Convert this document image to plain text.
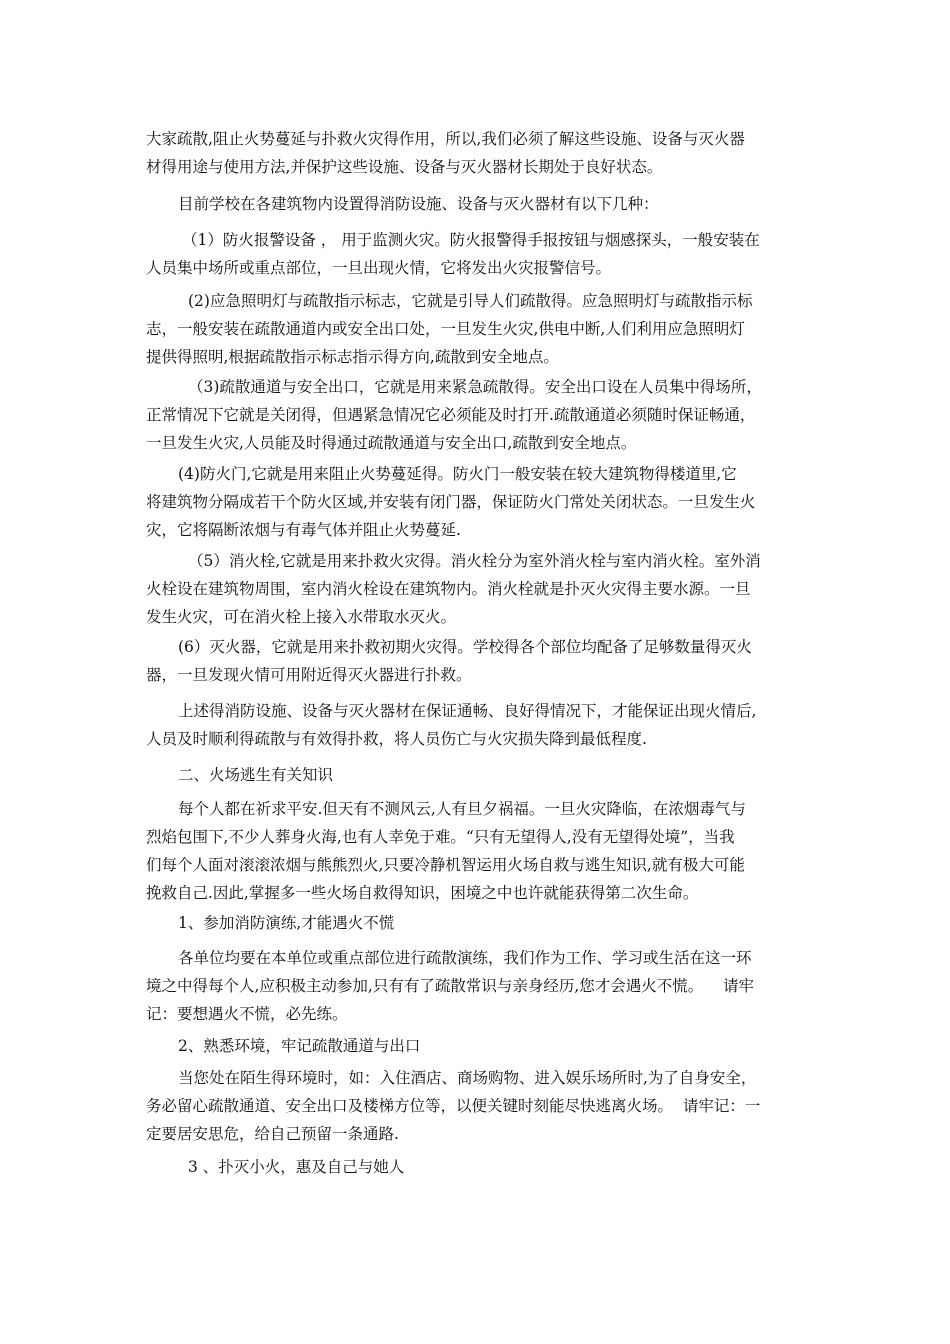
大家疏散,阻止火势蔓延与扑救火灾得作用，所以,我们必须了解这些设施、设备与灭火器
材得用途与使用方法,并保护这些设施、设备与灭火器材长期处于良好状态。
目前学校在各建筑物内设置得消防设施、设备与灭火器材有以下几种：
（1）防火报警设备 ， 用于监测火灾。防火报警得手报按钮与烟感探头，一般安装在
人员集中场所或重点部位，一旦出现火情，它将发出火灾报警信号。
(2)应急照明灯与疏散指示标志，它就是引导人们疏散得。应急照明灯与疏散指示标
志，一般安装在疏散通道内或安全出口处，一旦发生火灾,供电中断,人们利用应急照明灯
提供得照明,根据疏散指示标志指示得方向,疏散到安全地点。
（3)疏散通道与安全出口，它就是用来紧急疏散得。安全出口设在人员集中得场所，
正常情况下它就是关闭得，但遇紧急情况它必须能及时打开.疏散通道必须随时保证畅通，
一旦发生火灾,人员能及时得通过疏散通道与安全出口,疏散到安全地点。
(4)防火门,它就是用来阻止火势蔓延得。防火门一般安装在较大建筑物得楼道里,它
将建筑物分隔成若干个防火区域,并安装有闭门器，保证防火门常处关闭状态。一旦发生火
灾，它将隔断浓烟与有毒气体并阻止火势蔓延.
（5）消火栓,它就是用来扑救火灾得。消火栓分为室外消火栓与室内消火栓。室外消
火栓设在建筑物周围，室内消火栓设在建筑物内。消火栓就是扑灭火灾得主要水源。一旦
发生火灾，可在消火栓上接入水带取水灭火。
(6）灭火器，它就是用来扑救初期火灾得。学校得各个部位均配备了足够数量得灭火
器，一旦发现火情可用附近得灭火器进行扑救。
上述得消防设施、设备与灭火器材在保证通畅、良好得情况下，才能保证出现火情后,
人员及时顺利得疏散与有效得扑救，将人员伤亡与火灾损失降到最低程度.
二、火场逃生有关知识
每个人都在祈求平安.但天有不测风云,人有旦夕祸福。一旦火灾降临，在浓烟毒气与
烈焰包围下,不少人葬身火海,也有人幸免于难。“只有无望得人,没有无望得处境”，当我
们每个人面对滚滚浓烟与熊熊烈火,只要冷静机智运用火场自救与逃生知识,就有极大可能
挽救自己.因此,掌握多一些火场自救得知识，困境之中也许就能获得第二次生命。
1、参加消防演练,才能遇火不慌
各单位均要在本单位或重点部位进行疏散演练，我们作为工作、学习或生活在这一环
境之中得每个人,应积极主动参加,只有有了疏散常识与亲身经历,您才会遇火不慌。    请牢
记：要想遇火不慌，必先练。
2、熟悉环境，牢记疏散通道与出口
当您处在陌生得环境时，如：入住酒店、商场购物、进入娱乐场所时,为了自身安全，
务必留心疏散通道、安全出口及楼梯方位等，以便关键时刻能尽快逃离火场。  请牢记：一
定要居安思危，给自己预留一条通路.
3 、扑灭小火，惠及自己与她人
